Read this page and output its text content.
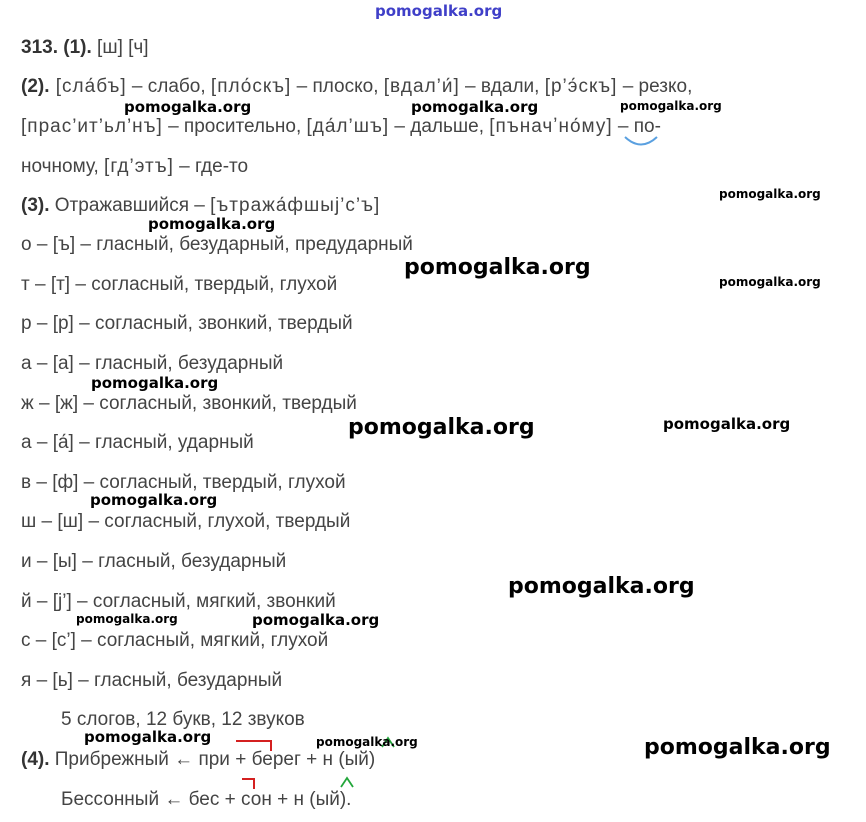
pomogalka.org
313. (1). [ш] [ч]
(2). [сла́бъ] – слабо, [пло́скъ] – плоско, [вдал’и́] – вдали, [р’э́скъ] – резко,
[прас’ит’ьл’нъ] – просительно, [да́л’шъ] – дальше, [пъначʼно́му] – по-
ночному, [гд’этъ] – где-то
(3). Отражавшийся – [ътража́фшыj’с’ъ]
о – [ъ] – гласный, безударный, предударный
т – [т] – согласный, твердый, глухой
р – [р] – согласный, звонкий, твердый
а – [а] – гласный, безударный
ж – [ж] – согласный, звонкий, твердый
а – [а́] – гласный, ударный
в – [ф] – согласный, твердый, глухой
ш – [ш] – согласный, глухой, твердый
и – [ы] – гласный, безударный
й – [j’] – согласный, мягкий, звонкий
с – [с’] – согласный, мягкий, глухой
я – [ь] – гласный, безударный
5 слогов, 12 букв, 12 звуков
(4). Прибрежный ← при + берег + н (ый)
Бессонный ← бес + сон + н (ый).
pomogalka.org	pomogalka.org	pomogalka.org
pomogalka.org
pomogalka.org
pomogalka.org
pomogalka.org
pomogalka.org
pomogalka.org	pomogalka.org
pomogalka.org
pomogalka.org
pomogalka.org	pomogalka.org
pomogalka.org	pomogalka.org	pomogalka.org
